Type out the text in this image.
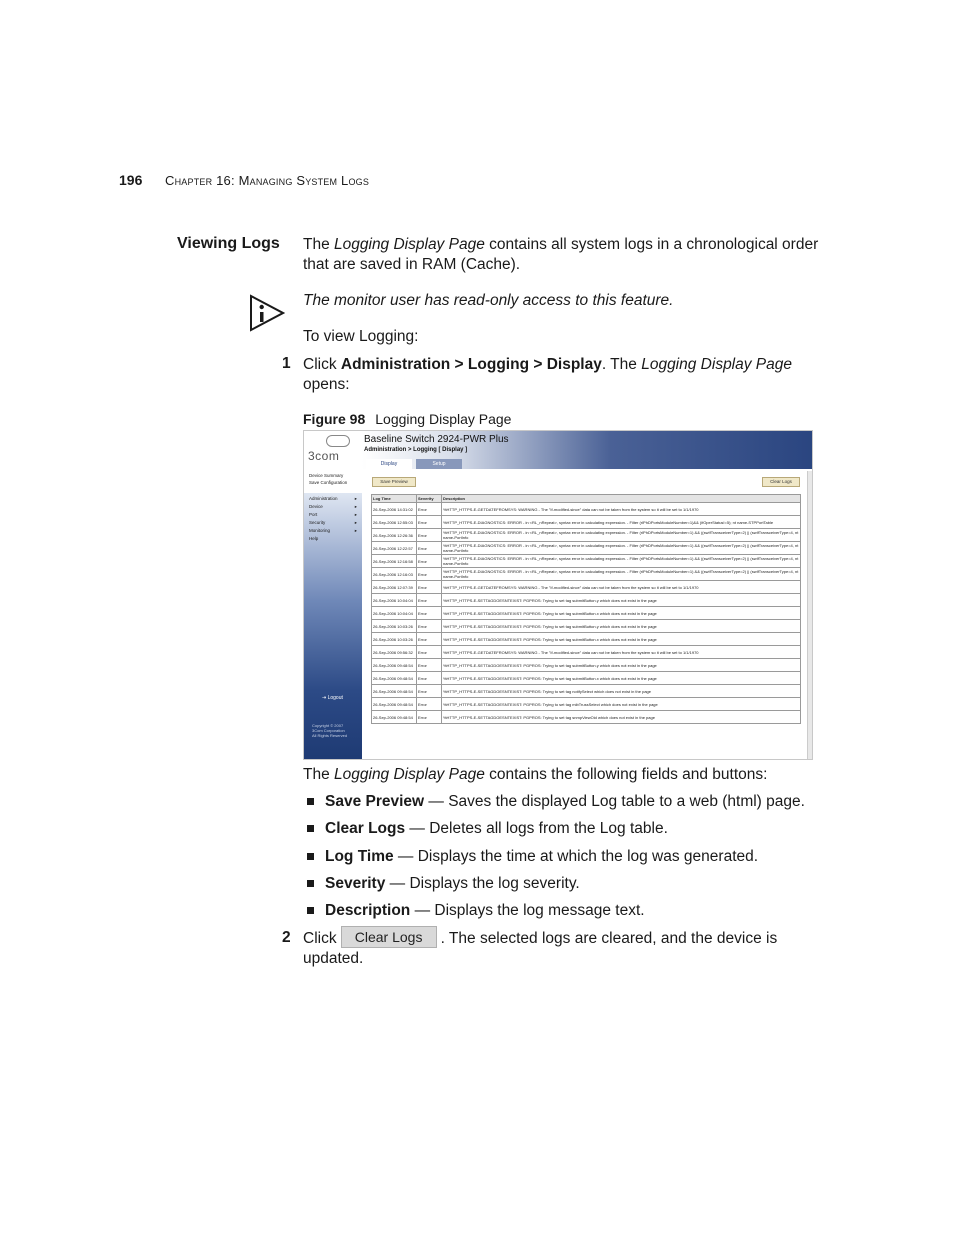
196 Chapter 16: Managing System Logs
Viewing Logs The Logging Display Page contains all system logs in a chronological order that are saved in RAM (Cache).
The monitor user has read-only access to this feature.
To view Logging:
1 Click Administration > Logging > Display. The Logging Display Page opens:
Figure 98 Logging Display Page
3com
Device Summary
Save Configuration
Administration	▸
Device	▸
Port	▸
Security	▸
Monitoring	▸
Help
⇥ Logout
Copyright © 2007
3Com Corporation
All Rights Reserved
Baseline Switch 2924-PWR Plus
Administration > Logging [ Display ]
Display	Setup
Save Preview	Clear Logs
Log Time	Severity	Description
26-Sep-2006 14:31:02	Error	%HTTP_HTTPS-E-GETDATEFROMSYS: WARNING - The "If-modified-since" data can not be taken from the system so it will be set to 1/1/1970
26-Sep-2006 12:55:03	Error	%HTTP_HTTPS-E-DIAGNOSTICS: ERROR - in <RL_nRepeat>, syntax error in calculating expression. - Filter (rlPhDPortsModuleNumber=1)&& (ifOperStatus!=5); nt name-STPPortTable
26-Sep-2006 12:26:36	Error	%HTTP_HTTPS-E-DIAGNOSTICS: ERROR - in <RL_nRepeat>, syntax error in calculating expression. - Filter (rlPhDPortsModuleNumber=1) && ((swIfTransceiverType=2) || (swIfTransceiverType=4, nt name-PortInfo
26-Sep-2006 12:22:57	Error	%HTTP_HTTPS-E-DIAGNOSTICS: ERROR - in <RL_nRepeat>, syntax error in calculating expression. - Filter (rlPhDPortsModuleNumber=1) && ((swIfTransceiverType=2) || (swIfTransceiverType=4, nt name-PortInfo
26-Sep-2006 12:16:58	Error	%HTTP_HTTPS-E-DIAGNOSTICS: ERROR - in <RL_nRepeat>, syntax error in calculating expression. - Filter (rlPhDPortsModuleNumber=1) && ((swIfTransceiverType=2) || (swIfTransceiverType=4, nt name-PortInfo
26-Sep-2006 12:16:03	Error	%HTTP_HTTPS-E-DIAGNOSTICS: ERROR - in <RL_nRepeat>, syntax error in calculating expression. - Filter (rlPhDPortsModuleNumber=1) && ((swIfTransceiverType=2) || (swIfTransceiverType=4, nt name-PortInfo
26-Sep-2006 12:07:39	Error	%HTTP_HTTPS-E-GETDATEFROMSYS: WARNING - The "If-modified-since" data can not be taken from the system so it will be set to 1/1/1970
26-Sep-2006 10:04:04	Error	%HTTP_HTTPS-E-SETTAGDOESNTEXIST: PGPROS: Trying to set tag submitButton.y which does not exist in the page
26-Sep-2006 10:04:04	Error	%HTTP_HTTPS-E-SETTAGDOESNTEXIST: PGPROS: Trying to set tag submitButton.x which does not exist in the page
26-Sep-2006 10:03:26	Error	%HTTP_HTTPS-E-SETTAGDOESNTEXIST: PGPROS: Trying to set tag submitButton.y which does not exist in the page
26-Sep-2006 10:03:26	Error	%HTTP_HTTPS-E-SETTAGDOESNTEXIST: PGPROS: Trying to set tag submitButton.x which does not exist in the page
26-Sep-2006 09:56:32	Error	%HTTP_HTTPS-E-GETDATEFROMSYS: WARNING - The "If-modified-since" data can not be taken from the system so it will be set to 1/1/1970
26-Sep-2006 09:48:54	Error	%HTTP_HTTPS-E-SETTAGDOESNTEXIST: PGPROS: Trying to set tag submitButton.y which does not exist in the page
26-Sep-2006 09:48:54	Error	%HTTP_HTTPS-E-SETTAGDOESNTEXIST: PGPROS: Trying to set tag submitButton.x which does not exist in the page
26-Sep-2006 09:48:54	Error	%HTTP_HTTPS-E-SETTAGDOESNTEXIST: PGPROS: Trying to set tag notifySelect which does not exist in the page
26-Sep-2006 09:48:54	Error	%HTTP_HTTPS-E-SETTAGDOESNTEXIST: PGPROS: Trying to set tag mibTrussSelect which does not exist in the page
26-Sep-2006 09:48:54	Error	%HTTP_HTTPS-E-SETTAGDOESNTEXIST: PGPROS: Trying to set tag snmpViewOid which does not exist in the page
The Logging Display Page contains the following fields and buttons:
Save Preview — Saves the displayed Log table to a web (html) page.
Clear Logs — Deletes all logs from the Log table.
Log Time — Displays the time at which the log was generated.
Severity — Displays the log severity.
Description — Displays the log message text.
2 Click Clear Logs . The selected logs are cleared, and the device is updated.
